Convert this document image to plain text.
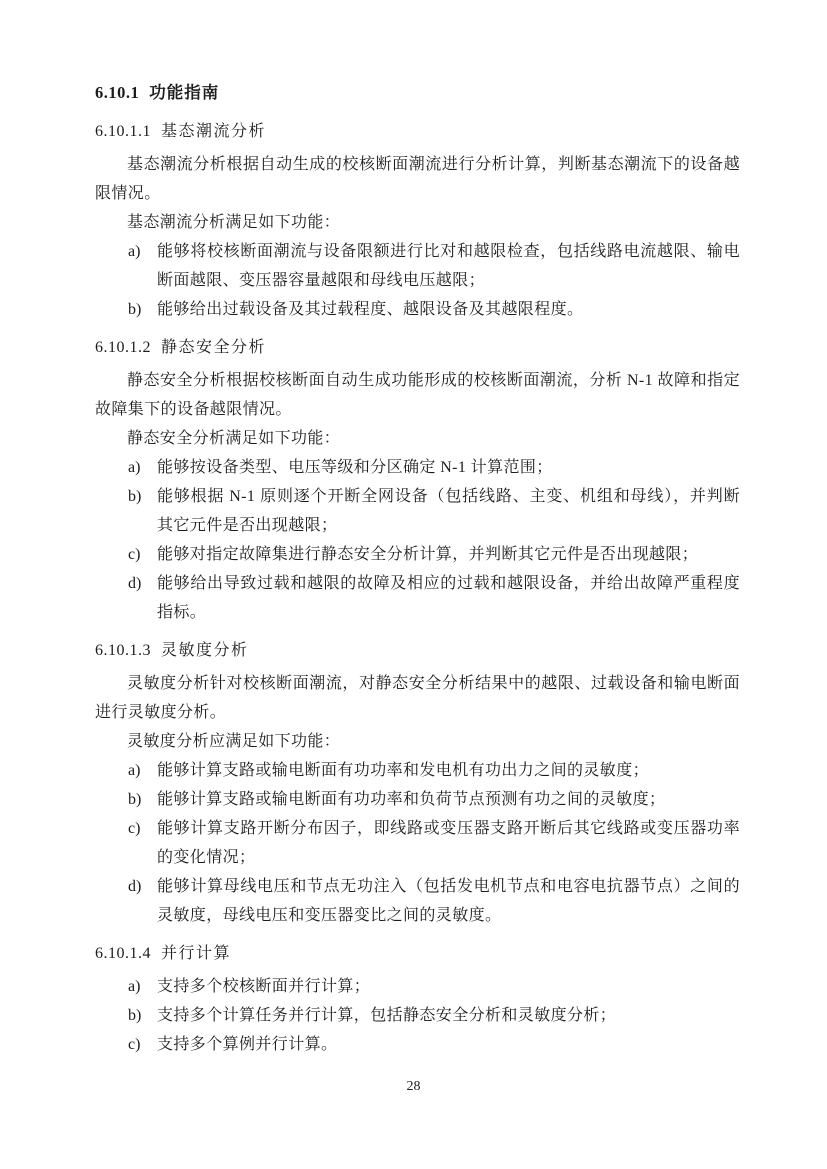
6.10.1 功能指南
6.10.1.1 基态潮流分析

基态潮流分析根据自动生成的校核断面潮流进行分析计算，判断基态潮流下的设备越限情况。

基态潮流分析满足如下功能：

a) 能够将校核断面潮流与设备限额进行比对和越限检查，包括线路电流越限、输电断面越限、变压器容量越限和母线电压越限；
b) 能够给出过载设备及其过载程度、越限设备及其越限程度。
6.10.1.2 静态安全分析

静态安全分析根据校核断面自动生成功能形成的校核断面潮流，分析 N-1 故障和指定故障集下的设备越限情况。

静态安全分析满足如下功能：

a) 能够按设备类型、电压等级和分区确定 N-1 计算范围；
b) 能够根据 N-1 原则逐个开断全网设备（包括线路、主变、机组和母线），并判断其它元件是否出现越限；
c) 能够对指定故障集进行静态安全分析计算，并判断其它元件是否出现越限；
d) 能够给出导致过载和越限的故障及相应的过载和越限设备，并给出故障严重程度指标。
6.10.1.3 灵敏度分析

灵敏度分析针对校核断面潮流，对静态安全分析结果中的越限、过载设备和输电断面进行灵敏度分析。

灵敏度分析应满足如下功能：

a) 能够计算支路或输电断面有功功率和发电机有功出力之间的灵敏度；
b) 能够计算支路或输电断面有功功率和负荷节点预测有功之间的灵敏度；
c) 能够计算支路开断分布因子，即线路或变压器支路开断后其它线路或变压器功率的变化情况；
d) 能够计算母线电压和节点无功注入（包括发电机节点和电容电抗器节点）之间的灵敏度，母线电压和变压器变比之间的灵敏度。
6.10.1.4 并行计算
a) 支持多个校核断面并行计算；
b) 支持多个计算任务并行计算，包括静态安全分析和灵敏度分析；
c) 支持多个算例并行计算。
28
